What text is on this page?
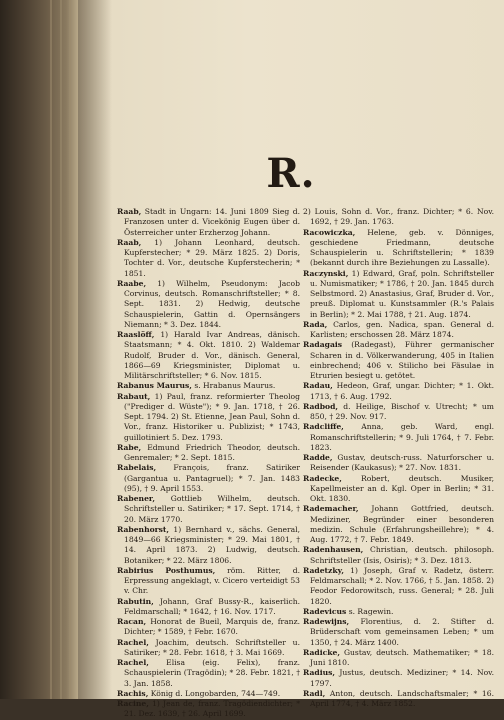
R.

Raab, Stadt in Ungarn: 14. Juni 1809 Sieg d. Franzosen unter d. Vicekönig Eugen über d. Österreicher unter Erzherzog Johann.

Raab, 1) Johann Leonhard, deutsch. Kupferstecher; * 29. März 1825. 2) Doris, Tochter d. Vor., deutsche Kupferstecherin; * 1851.

Raabe, 1) Wilhelm, Pseudonym: Jacob Corvinus, deutsch. Romanschriftsteller; * 8. Sept. 1831. 2) Hedwig, deutsche Schauspielerin, Gattin d. Opernsängers Niemann; * 3. Dez. 1844.

Raaslöff, 1) Harald Ivar Andreas, dänisch. Staatsmann; * 4. Okt. 1810. 2) Waldemar Rudolf, Bruder d. Vor., dänisch. General, 1866—69 Kriegsminister, Diplomat u. Militärschriftsteller; * 6. Nov. 1815.

Rabanus Maurus, s. Hrabanus Maurus.

Rabaut, 1) Paul, franz. reformierter Theolog ("Prediger d. Wüste"); * 9. Jan. 1718, † 26. Sept. 1794. 2) St. Etienne, Jean Paul, Sohn d. Vor., franz. Historiker u. Publizist; * 1743, guillotiniert 5. Dez. 1793.

Rabe, Edmund Friedrich Theodor, deutsch. Genremaler; * 2. Sept. 1815.

Rabelais, François, franz. Satiriker (Gargantua u. Pantagruel); * 7. Jan. 1483 (95), † 9. April 1553.

Rabener, Gottlieb Wilhelm, deutsch. Schriftsteller u. Satiriker; * 17. Sept. 1714, † 20. März 1770.

Rabenhorst, 1) Bernhard v., sächs. General, 1849—66 Kriegsminister; * 29. Mai 1801, † 14. April 1873. 2) Ludwig, deutsch. Botaniker; * 22. März 1806.

Rabirius Posthumus, röm. Ritter, d. Erpressung angeklagt, v. Cicero verteidigt 53 v. Chr.

Rabutin, Johann, Graf Bussy-R., kaiserlich. Feldmarschall; * 1642, † 16. Nov. 1717.

Racan, Honorat de Bueil, Marquis de, franz. Dichter; * 1589, † Febr. 1670.

Rachel, Joachim, deutsch. Schriftsteller u. Satiriker; * 28. Febr. 1618, † 3. Mai 1669.

Rachel, Elisa (eig. Felix), franz. Schauspielerin (Tragödin); * 28. Febr. 1821, † 3. Jan. 1858.

Rachis, König d. Longobarden, 744—749.

Racine, 1) Jean de, franz. Tragödiendichter; * 21. Dez. 1639, † 26. April 1699.

2) Louis, Sohn d. Vor., franz. Dichter; * 6. Nov. 1692, † 29. Jan. 1763.

Racowiczka, Helene, geb. v. Dönniges, geschiedene Friedmann, deutsche Schauspielerin u. Schriftstellerin; * 1839 (bekannt durch ihre Beziehungen zu Lassalle).

Raczynski, 1) Edward, Graf, poln. Schriftsteller u. Numismatiker; * 1786, † 20. Jan. 1845 durch Selbstmord. 2) Anastasius, Graf, Bruder d. Vor., preuß. Diplomat u. Kunstsammler (R.'s Palais in Berlin); * 2. Mai 1788, † 21. Aug. 1874.

Rada, Carlos, gen. Nadica, span. General d. Karlisten; erschossen 28. März 1874.

Radagais (Radegast), Führer germanischer Scharen in d. Völkerwanderung, 405 in Italien einbrechend; 406 v. Stilicho bei Fäsulae in Etrurien besiegt u. getötet.

Radau, Hedeon, Graf, ungar. Dichter; * 1. Okt. 1713, † 6. Aug. 1792.

Radbod, d. Heilige, Bischof v. Utrecht; * um 850, † 29. Nov. 917.

Radcliffe, Anna, geb. Ward, engl. Romanschriftstellerin; * 9. Juli 1764, † 7. Febr. 1823.

Radde, Gustav, deutsch-russ. Naturforscher u. Reisender (Kaukasus); * 27. Nov. 1831.

Radecke,	Robert, deutsch. Musiker, Kapellmeister an d. Kgl. Oper in Berlin; * 31. Okt. 1830.

Rademacher, Johann Gottfried, deutsch. Mediziner, Begründer einer besonderen medizin. Schule (Erfahrungsheillehre); * 4. Aug. 1772, † 7. Febr. 1849.

Radenhausen, Christian, deutsch. philosoph. Schriftsteller (Isis, Osiris); * 3. Dez. 1813.

Radetzky, 1) Joseph, Graf v. Radetz, österr. Feldmarschall; * 2. Nov. 1766, † 5. Jan. 1858. 2) Feodor Fedorowitsch, russ. General; * 28. Juli 1820.

Radevicus s. Ragewin.

Radewijns, Florentius, d. 2. Stifter d. Brüderschaft vom gemeinsamen Leben; * um 1350, † 24. März 1400.

Radicke, Gustav, deutsch. Mathematiker; * 18. Juni 1810.

Radius, Justus, deutsch. Mediziner; * 14. Nov. 1797.

Radl, Anton, deutsch. Landschaftsmaler; * 16. April 1774, † 4. März 1852.
